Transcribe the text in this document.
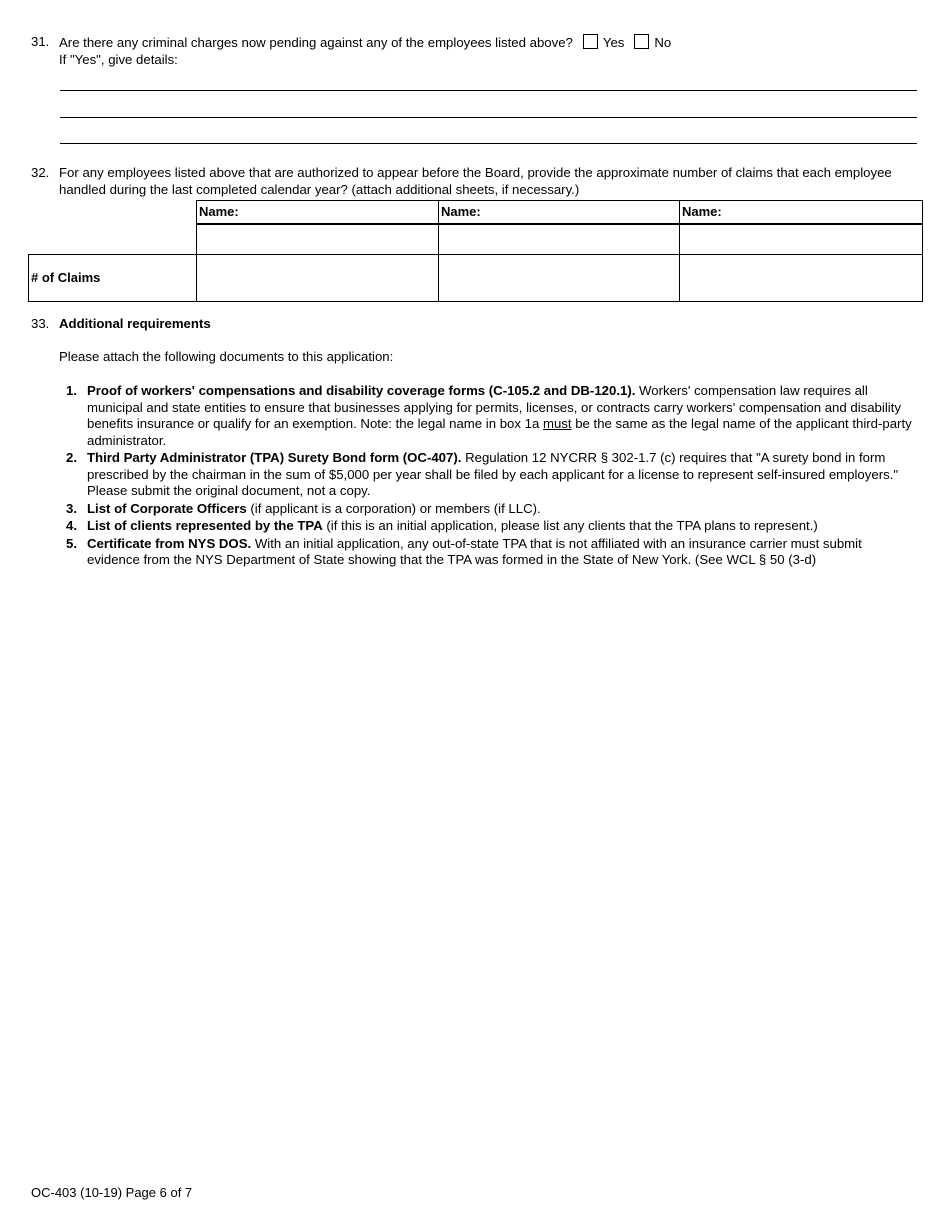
31. Are there any criminal charges now pending against any of the employees listed above? Yes No
If "Yes", give details:
32. For any employees listed above that are authorized to appear before the Board, provide the approximate number of claims that each employee handled during the last completed calendar year? (attach additional sheets, if necessary.)
	Name:	Name:	Name:

# of Claims			
33. Additional requirements
Please attach the following documents to this application:
1. Proof of workers' compensations and disability coverage forms (C-105.2 and DB-120.1). Workers' compensation law requires all municipal and state entities to ensure that businesses applying for permits, licenses, or contracts carry workers' compensation and disability benefits insurance or qualify for an exemption. Note: the legal name in box 1a must be the same as the legal name of the applicant third-party administrator.
2. Third Party Administrator (TPA) Surety Bond form (OC-407). Regulation 12 NYCRR § 302-1.7 (c) requires that "A surety bond in form prescribed by the chairman in the sum of $5,000 per year shall be filed by each applicant for a license to represent self-insured employers." Please submit the original document, not a copy.
3. List of Corporate Officers (if applicant is a corporation) or members (if LLC).
4. List of clients represented by the TPA (if this is an initial application, please list any clients that the TPA plans to represent.)
5. Certificate from NYS DOS. With an initial application, any out-of-state TPA that is not affiliated with an insurance carrier must submit evidence from the NYS Department of State showing that the TPA was formed in the State of New York. (See WCL § 50 (3-d)
OC-403 (10-19) Page 6 of 7
